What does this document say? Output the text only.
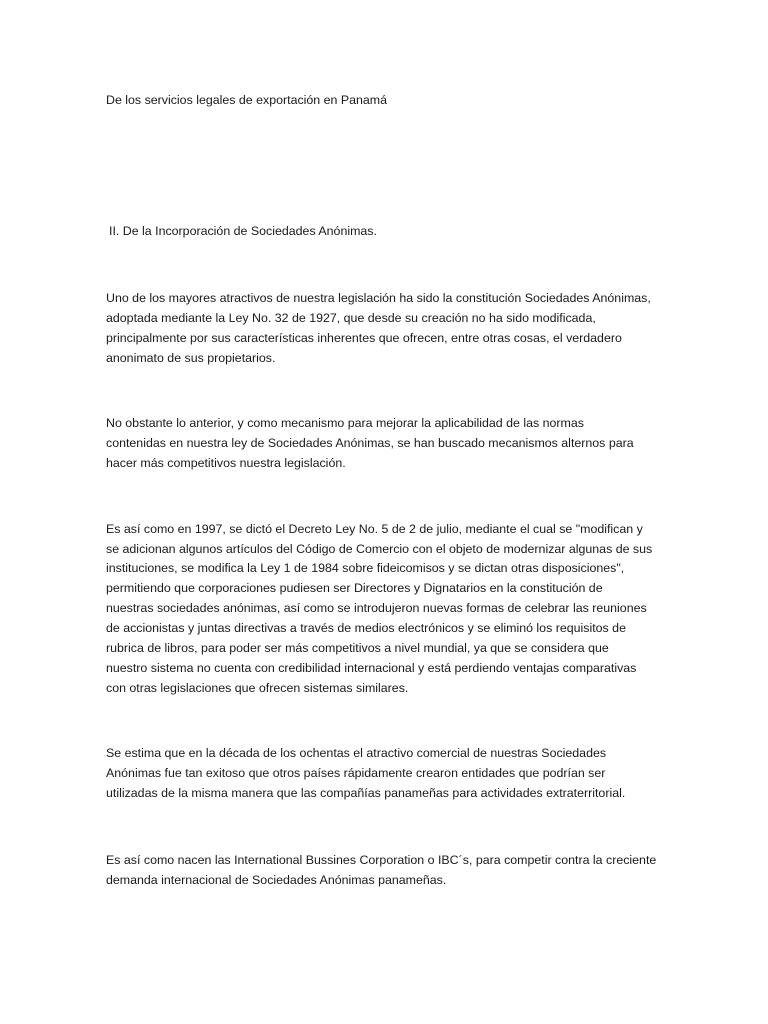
De los servicios legales de exportación en Panamá
II. De la Incorporación de Sociedades Anónimas.
Uno de los mayores atractivos de nuestra legislación ha sido la constitución Sociedades Anónimas,
adoptada mediante la Ley No. 32 de 1927, que desde su creación no ha sido modificada,
principalmente por sus características inherentes que ofrecen, entre otras cosas, el verdadero
anonimato de sus propietarios.
No obstante lo anterior, y como mecanismo para mejorar la aplicabilidad de las normas
contenidas en nuestra ley de Sociedades Anónimas, se han buscado mecanismos alternos para
hacer más competitivos nuestra legislación.
Es así como en 1997, se dictó el Decreto Ley No. 5 de 2 de julio, mediante el cual se "modifican y
se adicionan algunos artículos del Código de Comercio con el objeto de modernizar algunas de sus
instituciones, se modifica la Ley 1 de 1984 sobre fideicomisos y se dictan otras disposiciones",
permitiendo que corporaciones pudiesen ser Directores y Dignatarios en la constitución de
nuestras sociedades anónimas, así como se introdujeron nuevas formas de celebrar las reuniones
de accionistas y juntas directivas a través de medios electrónicos y se eliminó los requisitos de
rubrica de libros, para poder ser más competitivos a nivel mundial, ya que se considera que
nuestro sistema no cuenta con credibilidad internacional y está perdiendo ventajas comparativas
con otras legislaciones que ofrecen sistemas similares.
Se estima que en la década de los ochentas el atractivo comercial de nuestras Sociedades
Anónimas fue tan exitoso que otros países rápidamente crearon entidades que podrían ser
utilizadas de la misma manera que las compañías panameñas para actividades extraterritorial.
Es así como nacen las International Bussines Corporation o IBC´s, para competir contra la creciente
demanda internacional de Sociedades Anónimas panameñas.
